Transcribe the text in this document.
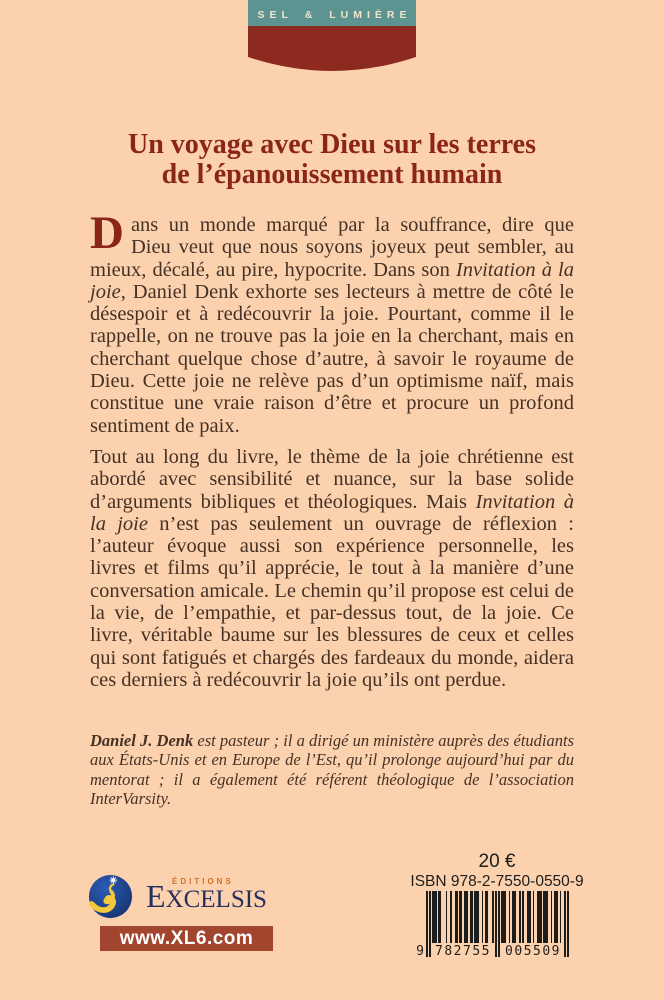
SEL & LUMIÈRE
Un voyage avec Dieu sur les terres
de l’épanouissement humain

Dans un monde marqué par la souffrance, dire que Dieu veut que nous soyons joyeux peut sembler, au mieux, décalé, au pire, hypocrite. Dans son Invitation à la joie, Daniel Denk exhorte ses lecteurs à mettre de côté le désespoir et à redécouvrir la joie. Pourtant, comme il le rappelle, on ne trouve pas la joie en la cherchant, mais en cherchant quelque chose d’autre, à savoir le royaume de Dieu. Cette joie ne relève pas d’un optimisme naïf, mais constitue une vraie raison d’être et procure un profond sentiment de paix.

Tout au long du livre, le thème de la joie chrétienne est abordé avec sensibilité et nuance, sur la base solide d’arguments bibliques et théologiques. Mais Invitation à la joie n’est pas seulement un ouvrage de réflexion : l’auteur évoque aussi son expérience personnelle, les livres et films qu’il apprécie, le tout à la manière d’une conversation amicale. Le chemin qu’il propose est celui de la vie, de l’empathie, et par-dessus tout, de la joie. Ce livre, véritable baume sur les blessures de ceux et celles qui sont fatigués et chargés des fardeaux du monde, aidera ces derniers à redécouvrir la joie qu’ils ont perdue.

Daniel J. Denk est pasteur ; il a dirigé un ministère auprès des étudiants aux États-Unis et en Europe de l’Est, qu’il prolonge aujourd’hui par du mentorat ; il a également été référent théologique de l’association InterVarsity.

20 €
ISBN 978-2-7550-0550-9
9 782755	005509
ÉDITIONS
EXCELSIS
www.XL6.com
